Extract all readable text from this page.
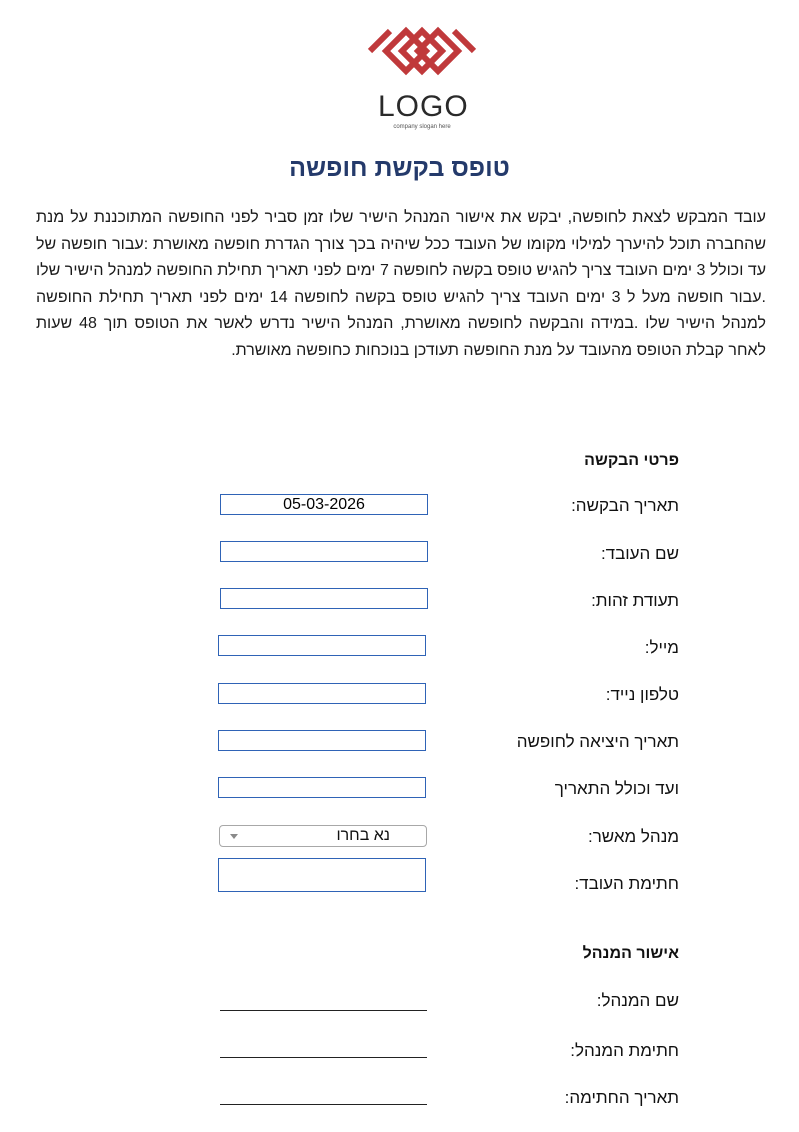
LOGO
company slogan here
טופס בקשת חופשה
עובד המבקש לצאת לחופשה, יבקש את אישור המנהל הישיר שלו זמן סביר לפני החופשה המתוכננת על מנת שהחברה תוכל להיערך למילוי מקומו של העובד ככל שיהיה בכך צורך הגדרת חופשה מאושרת :עבור חופשה של עד וכולל 3 ימים העובד צריך להגיש טופס בקשה לחופשה 7 ימים לפני תאריך תחילת החופשה למנהל הישיר שלו .עבור חופשה מעל ל 3 ימים העובד צריך להגיש טופס בקשה לחופשה 14 ימים לפני תאריך תחילת החופשה למנהל הישיר שלו .במידה והבקשה לחופשה מאושרת, המנהל הישיר נדרש לאשר את הטופס תוך 48 שעות לאחר קבלת הטופס מהעובד על מנת החופשה תעודכן בנוכחות כחופשה מאושרת.
פרטי הבקשה
תאריך הבקשה:
05-03-2026
שם העובד:
תעודת זהות:
מייל:
טלפון נייד:
תאריך היציאה לחופשה
ועד וכולל התאריך
מנהל מאשר:
נא בחרו
חתימת העובד:
אישור המנהל
שם המנהל:
חתימת המנהל:
תאריך החתימה:
